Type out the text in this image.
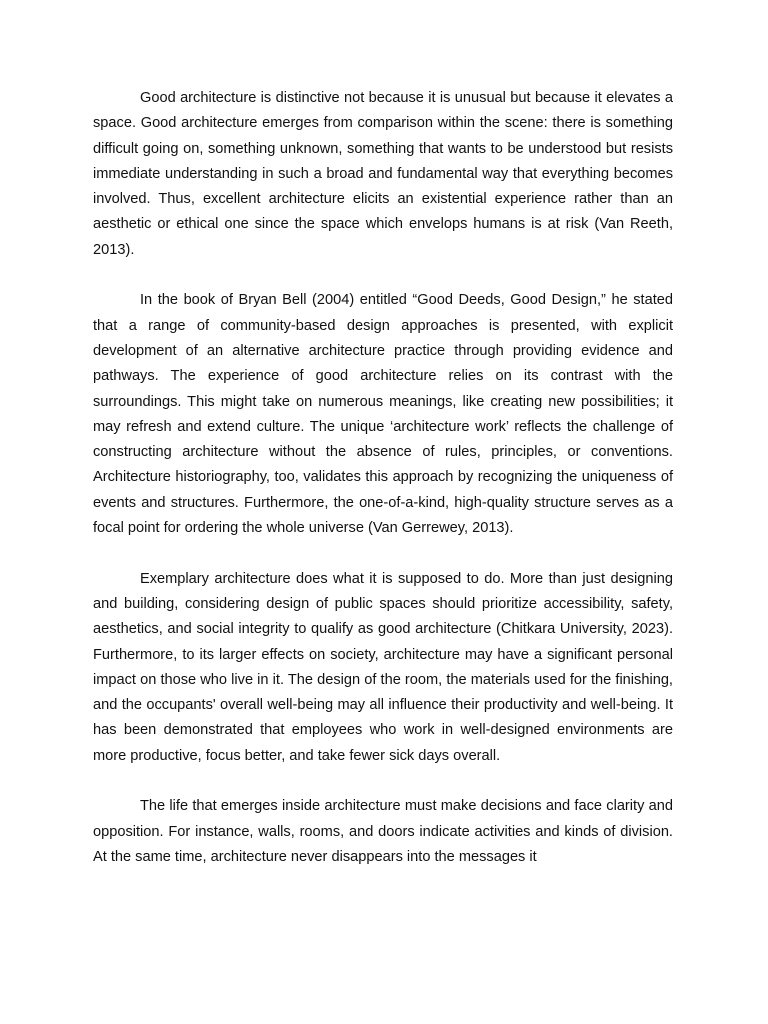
Good architecture is distinctive not because it is unusual but because it elevates a space. Good architecture emerges from comparison within the scene: there is something difficult going on, something unknown, something that wants to be understood but resists immediate understanding in such a broad and fundamental way that everything becomes involved. Thus, excellent architecture elicits an existential experience rather than an aesthetic or ethical one since the space which envelops humans is at risk (Van Reeth, 2013).

In the book of Bryan Bell (2004) entitled “Good Deeds, Good Design,” he stated that a range of community-based design approaches is presented, with explicit development of an alternative architecture practice through providing evidence and pathways. The experience of good architecture relies on its contrast with the surroundings. This might take on numerous meanings, like creating new possibilities; it may refresh and extend culture. The unique ‘architecture work’ reflects the challenge of constructing architecture without the absence of rules, principles, or conventions. Architecture historiography, too, validates this approach by recognizing the uniqueness of events and structures. Furthermore, the one-of-a-kind, high-quality structure serves as a focal point for ordering the whole universe (Van Gerrewey, 2013).

Exemplary architecture does what it is supposed to do. More than just designing and building, considering design of public spaces should prioritize accessibility, safety, aesthetics, and social integrity to qualify as good architecture (Chitkara University, 2023). Furthermore, to its larger effects on society, architecture may have a significant personal impact on those who live in it. The design of the room, the materials used for the finishing, and the occupants' overall well-being may all influence their productivity and well-being. It has been demonstrated that employees who work in well-designed environments are more productive, focus better, and take fewer sick days overall.

The life that emerges inside architecture must make decisions and face clarity and opposition. For instance, walls, rooms, and doors indicate activities and kinds of division. At the same time, architecture never disappears into the messages it
